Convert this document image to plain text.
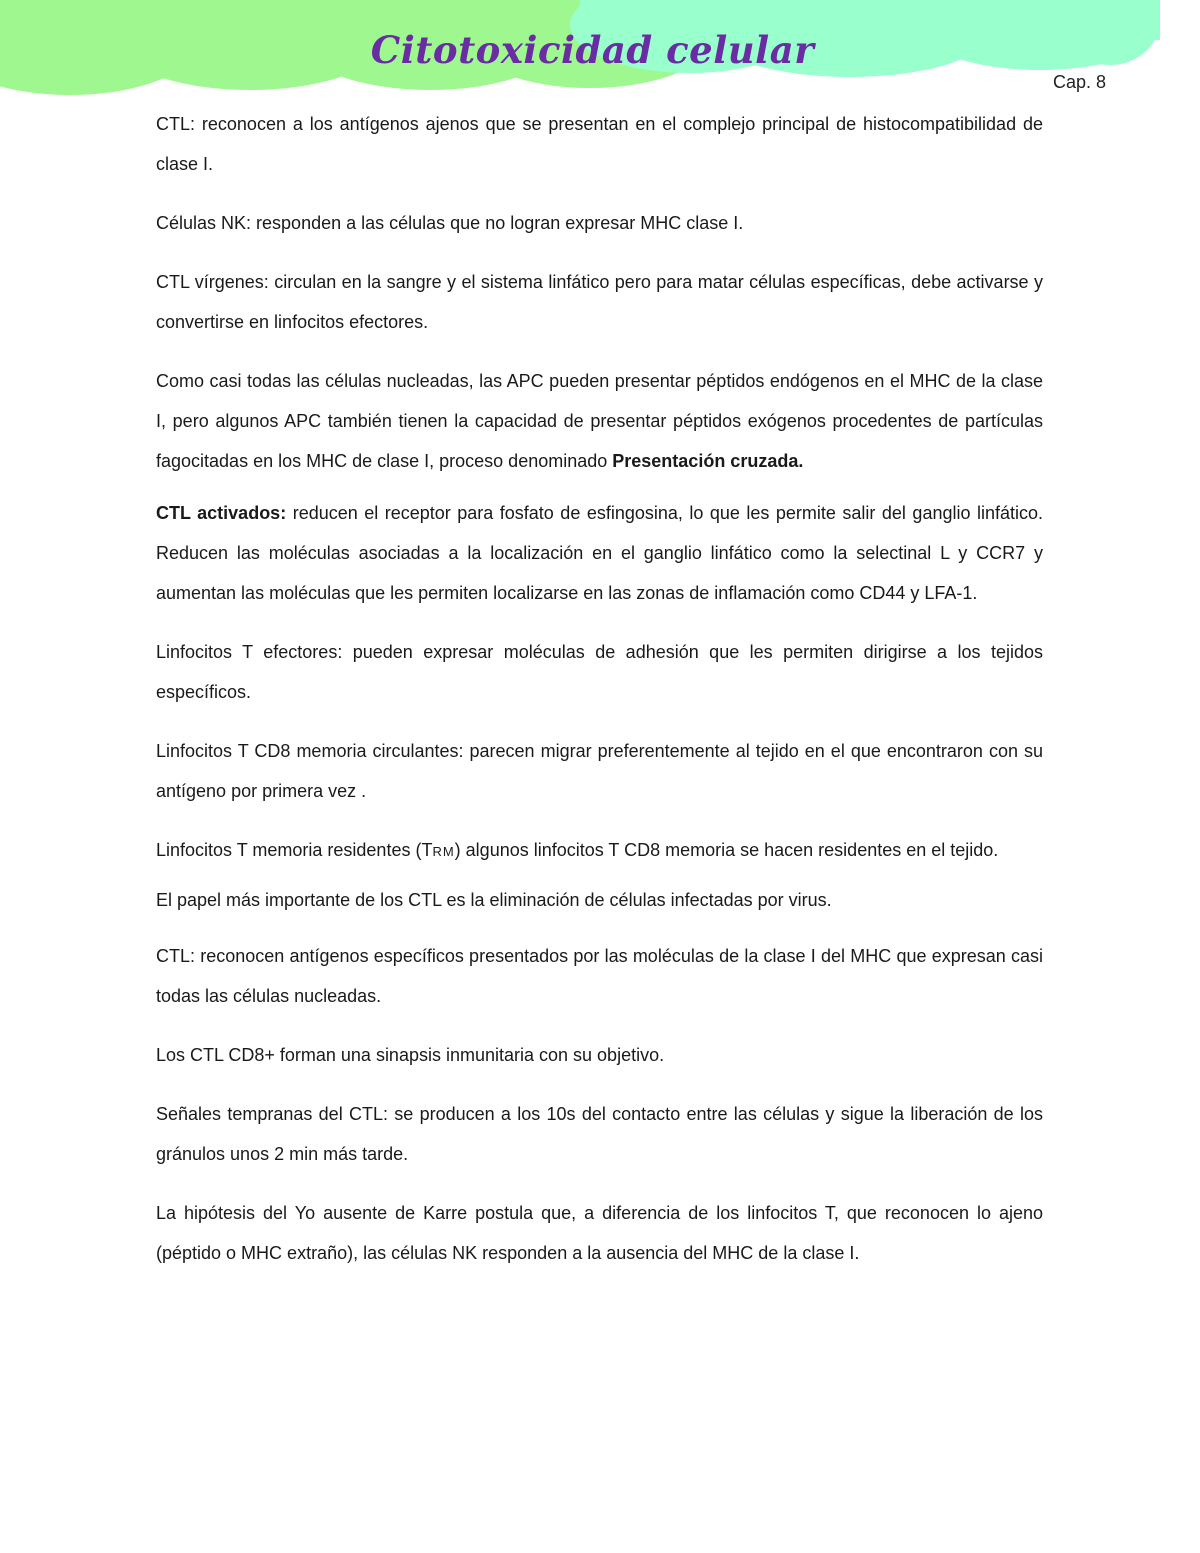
Citotoxicidad celular
Cap. 8

CTL: reconocen a los antígenos ajenos que se presentan en el complejo principal de histocompatibilidad de clase I.

Células NK: responden a las células que no logran expresar MHC clase I.

CTL vírgenes: circulan en la sangre y el sistema linfático pero para matar células específicas, debe activarse y convertirse en linfocitos efectores.

Como casi todas las células nucleadas, las APC pueden presentar péptidos endógenos en el MHC de la clase I, pero algunos APC también tienen la capacidad de presentar péptidos exógenos procedentes de partículas fagocitadas en los MHC de clase I, proceso denominado Presentación cruzada.

CTL activados: reducen el receptor para fosfato de esfingosina, lo que les permite salir del ganglio linfático. Reducen las moléculas asociadas a la localización en el ganglio linfático como la selectinal L y CCR7 y aumentan las moléculas que les permiten localizarse en las zonas de inflamación como CD44 y LFA-1.

Linfocitos T efectores: pueden expresar moléculas de adhesión que les permiten dirigirse a los tejidos específicos.

Linfocitos T CD8 memoria circulantes: parecen migrar preferentemente al tejido en el que encontraron con su antígeno por primera vez .

Linfocitos T memoria residentes (TRM) algunos linfocitos T CD8 memoria se hacen residentes en el tejido.

El papel más importante de los CTL es la eliminación de células infectadas por virus.

CTL: reconocen antígenos específicos presentados por las moléculas de la clase I del MHC que expresan casi todas las células nucleadas.

Los CTL CD8+ forman una sinapsis inmunitaria con su objetivo.

Señales tempranas del CTL: se producen a los 10s del contacto entre las células y sigue la liberación de los gránulos unos 2 min más tarde.

La hipótesis del Yo ausente de Karre postula que, a diferencia de los linfocitos T, que reconocen lo ajeno (péptido o MHC extraño), las células NK responden a la ausencia del MHC de la clase I.
